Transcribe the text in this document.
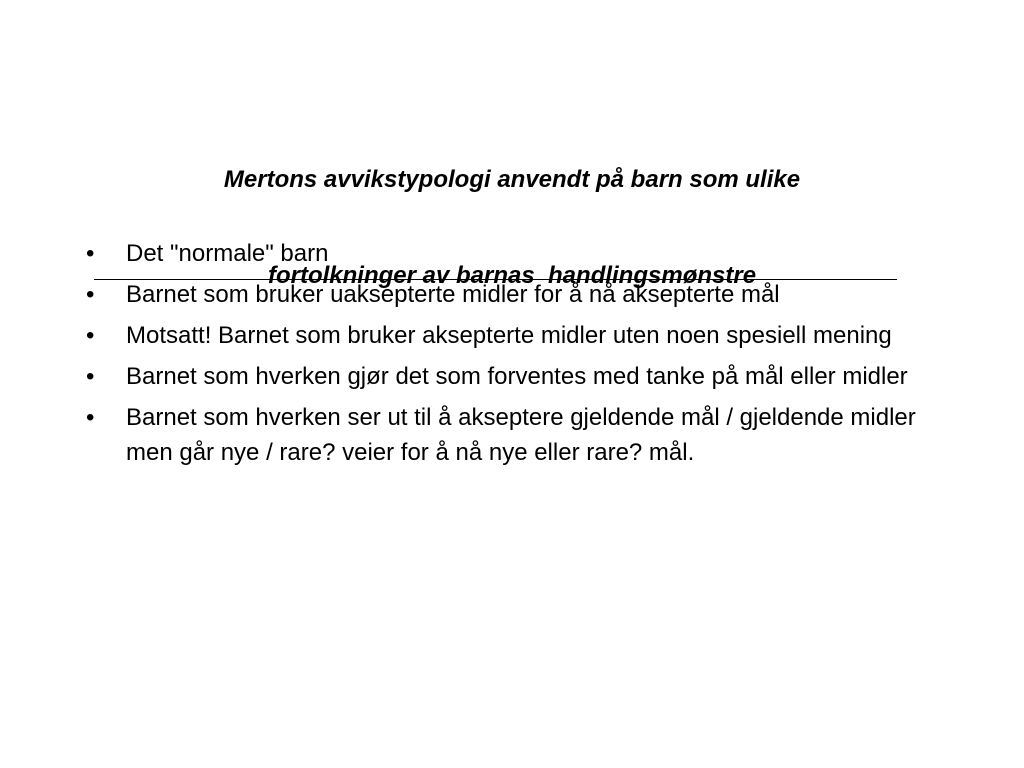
Mertons avvikstypologi anvendt på barn som ulike

fortolkninger av barnas  handlingsmønstre

•	Det "normale" barn
•	Barnet som bruker uaksepterte midler for å nå aksepterte mål
•	Motsatt! Barnet som bruker aksepterte midler uten noen spesiell mening
•	Barnet som hverken gjør det som forventes med tanke på mål eller midler
•	Barnet som hverken ser ut til å akseptere gjeldende mål / gjeldende midler men går nye / rare? veier for å nå nye eller rare? mål.
